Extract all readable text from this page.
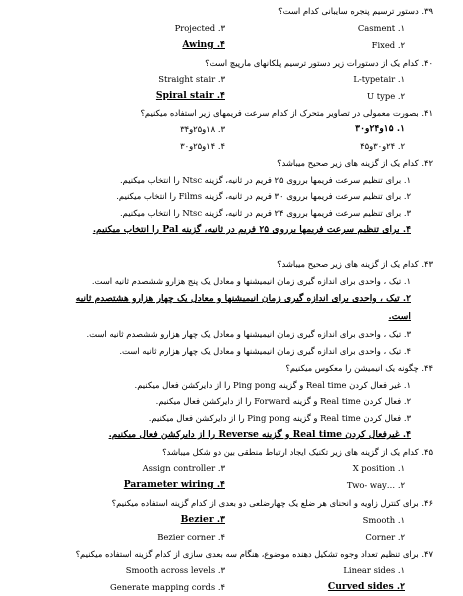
۳۹. دستور ترسیم پنجره سایبانی کدام است؟
Casment .۱
Projected .۳
Fixed .۲
Awing .۴
۴۰. کدام یک از دستورات زیر دستور ترسیم پلکانهای مارپیچ است؟
L-typetair .۱
Straight stair .۳
U type .۲
Spiral stair .۴
۴۱. بصورت معمولی در تصاویر متحرک از کدام سرعت فریمهای زیر استفاده میکنیم؟
۱. ۱۵و۲۴و۳۰
۳. ۱۸و۲۵و۳۴
۲. ۲۴و۳۰و۴۵
۴. ۱۴و۲۵و۳۰
۴۲. کدام یک از گزینه های زیر صحیح میباشد؟
۱. برای تنظیم سرعت فریمها برروی ۲۵ فریم در ثانیه، گزینه Ntsc را انتخاب میکنیم.
۲. برای تنظیم سرعت فریمها برروی ۳۰ فریم در ثانیه، گزینه Films را انتخاب میکنیم.
۳. برای تنظیم سرعت فریمها برروی ۲۴ فریم در ثانیه، گزینه Ntsc را انتخاب میکنیم.
۴. برای تنظیم سرعت فریمها برروی ۲۵ فریم در ثانیه، گزینه Pal را انتخاب میکنیم.
۴۳. کدام یک از گزینه های زیر صحیح میباشد؟
۱. تیک ، واحدی برای اندازه گیری زمان انیمیشنها و معادل یک پنج هزارو ششصدم ثانیه است.
۲. تیک ، واحدی برای اندازه گیری زمان انیمیشنها و معادل یک چهار هزارو هشتصدم ثانیه
است.
۳. تیک ، واحدی برای اندازه گیری زمان انیمیشنها و معادل یک چهار هزارو ششصدم ثانیه است.
۴. تیک ، واحدی برای اندازه گیری زمان انیمیشنها و معادل یک چهار هزارم ثانیه است.
۴۴. چگونه یک انیمیشن را معکوس میکنیم؟
۱. غیر فعال کردن Real time و گزینه Ping pong را از دایرکشن فعال میکنیم.
۲. فعال کردن Real time و گزینه Forward را از دایرکشن فعال میکنیم.
۳. فعال کردن Real time و گزینه Ping pong را از دایرکشن فعال میکنیم.
۴. غیرفعال کردن Real time و گزینه Reverse را از دایرکشن فعال میکنیم.
۴۵. کدام یک از گزینه های زیر تکنیک ایجاد ارتباط منطقی بین دو شکل میباشد؟
X position .۱
Assign controller .۳
Two- way… .۲
Parameter wiring .۴
۴۶. برای کنترل زاویه و انحنای هر ضلع یک چهارضلعی دو بعدی از کدام گزینه استفاده میکنیم؟
Smooth .۱
Bezier .۳
Corner .۲
Bezier corner .۴
۴۷. برای تنظیم تعداد وجوه تشکیل دهنده موضوع، هنگام سه بعدی سازی از کدام گزینه استفاده میکنیم؟
Linear sides .۱
Smooth across levels .۳
Curved sides .۲
Generate mapping cords .۴
